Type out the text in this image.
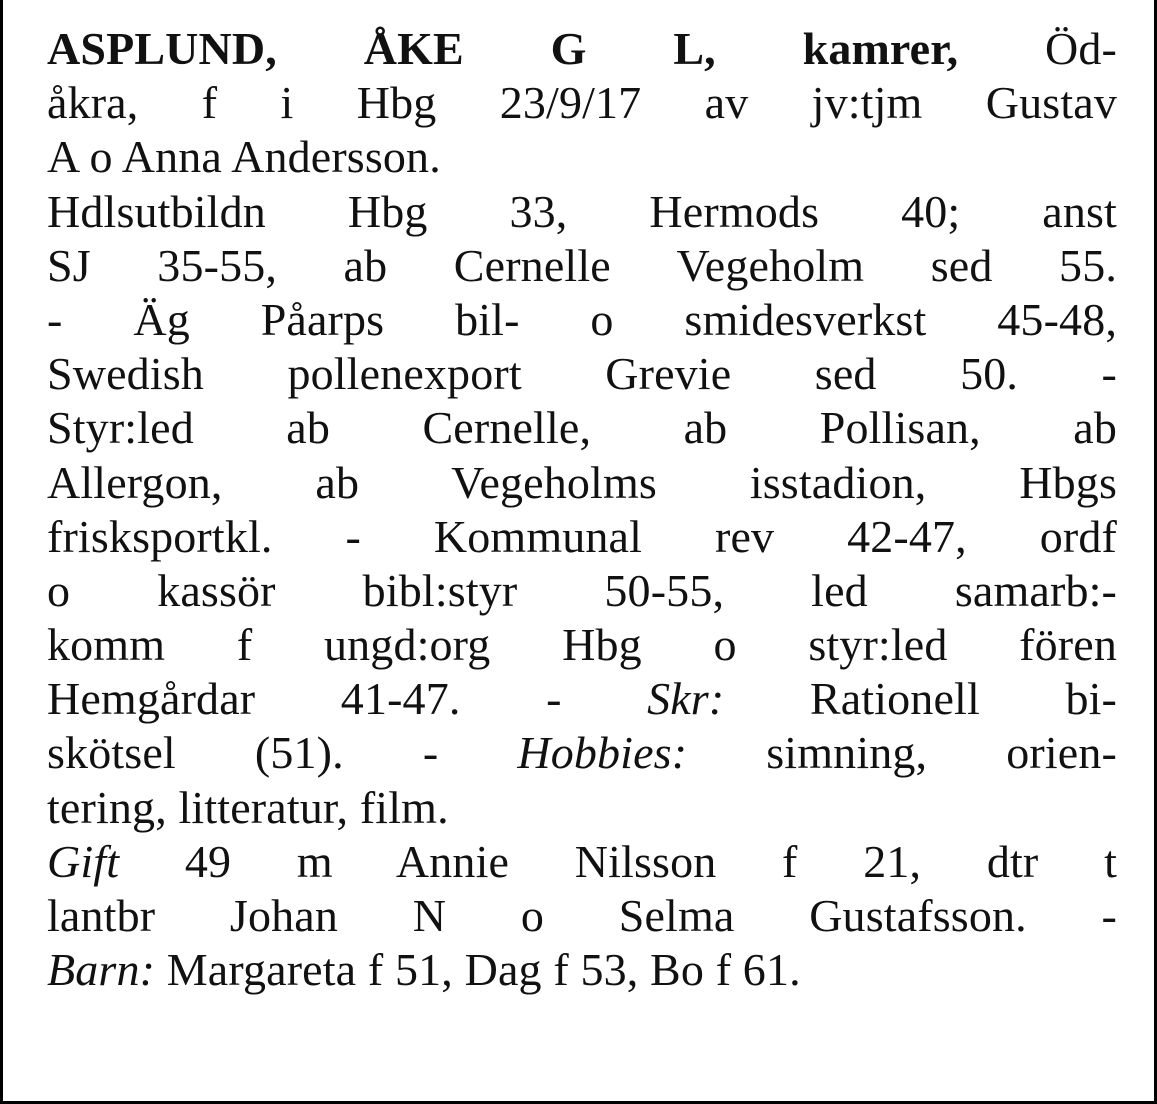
ASPLUND, ÅKE G L, kamrer, Öd-
åkra, f i Hbg 23/9/17 av jv:tjm Gustav
A o Anna Andersson.
Hdlsutbildn Hbg 33, Hermods 40; anst
SJ 35-55, ab Cernelle Vegeholm sed 55.
- Äg Påarps bil- o smidesverkst 45-48,
Swedish pollenexport Grevie sed 50. -
Styr:led ab Cernelle, ab Pollisan, ab
Allergon, ab Vegeholms isstadion, Hbgs
frisksportkl. - Kommunal rev 42-47, ordf
o kassör bibl:styr 50-55, led samarb:-
komm f ungd:org Hbg o styr:led fören
Hemgårdar 41-47. - Skr: Rationell bi-
skötsel (51). - Hobbies: simning, orien-
tering, litteratur, film.
Gift 49 m Annie Nilsson f 21, dtr t
lantbr Johan N o Selma Gustafsson. -
Barn: Margareta f 51, Dag f 53, Bo f 61.
